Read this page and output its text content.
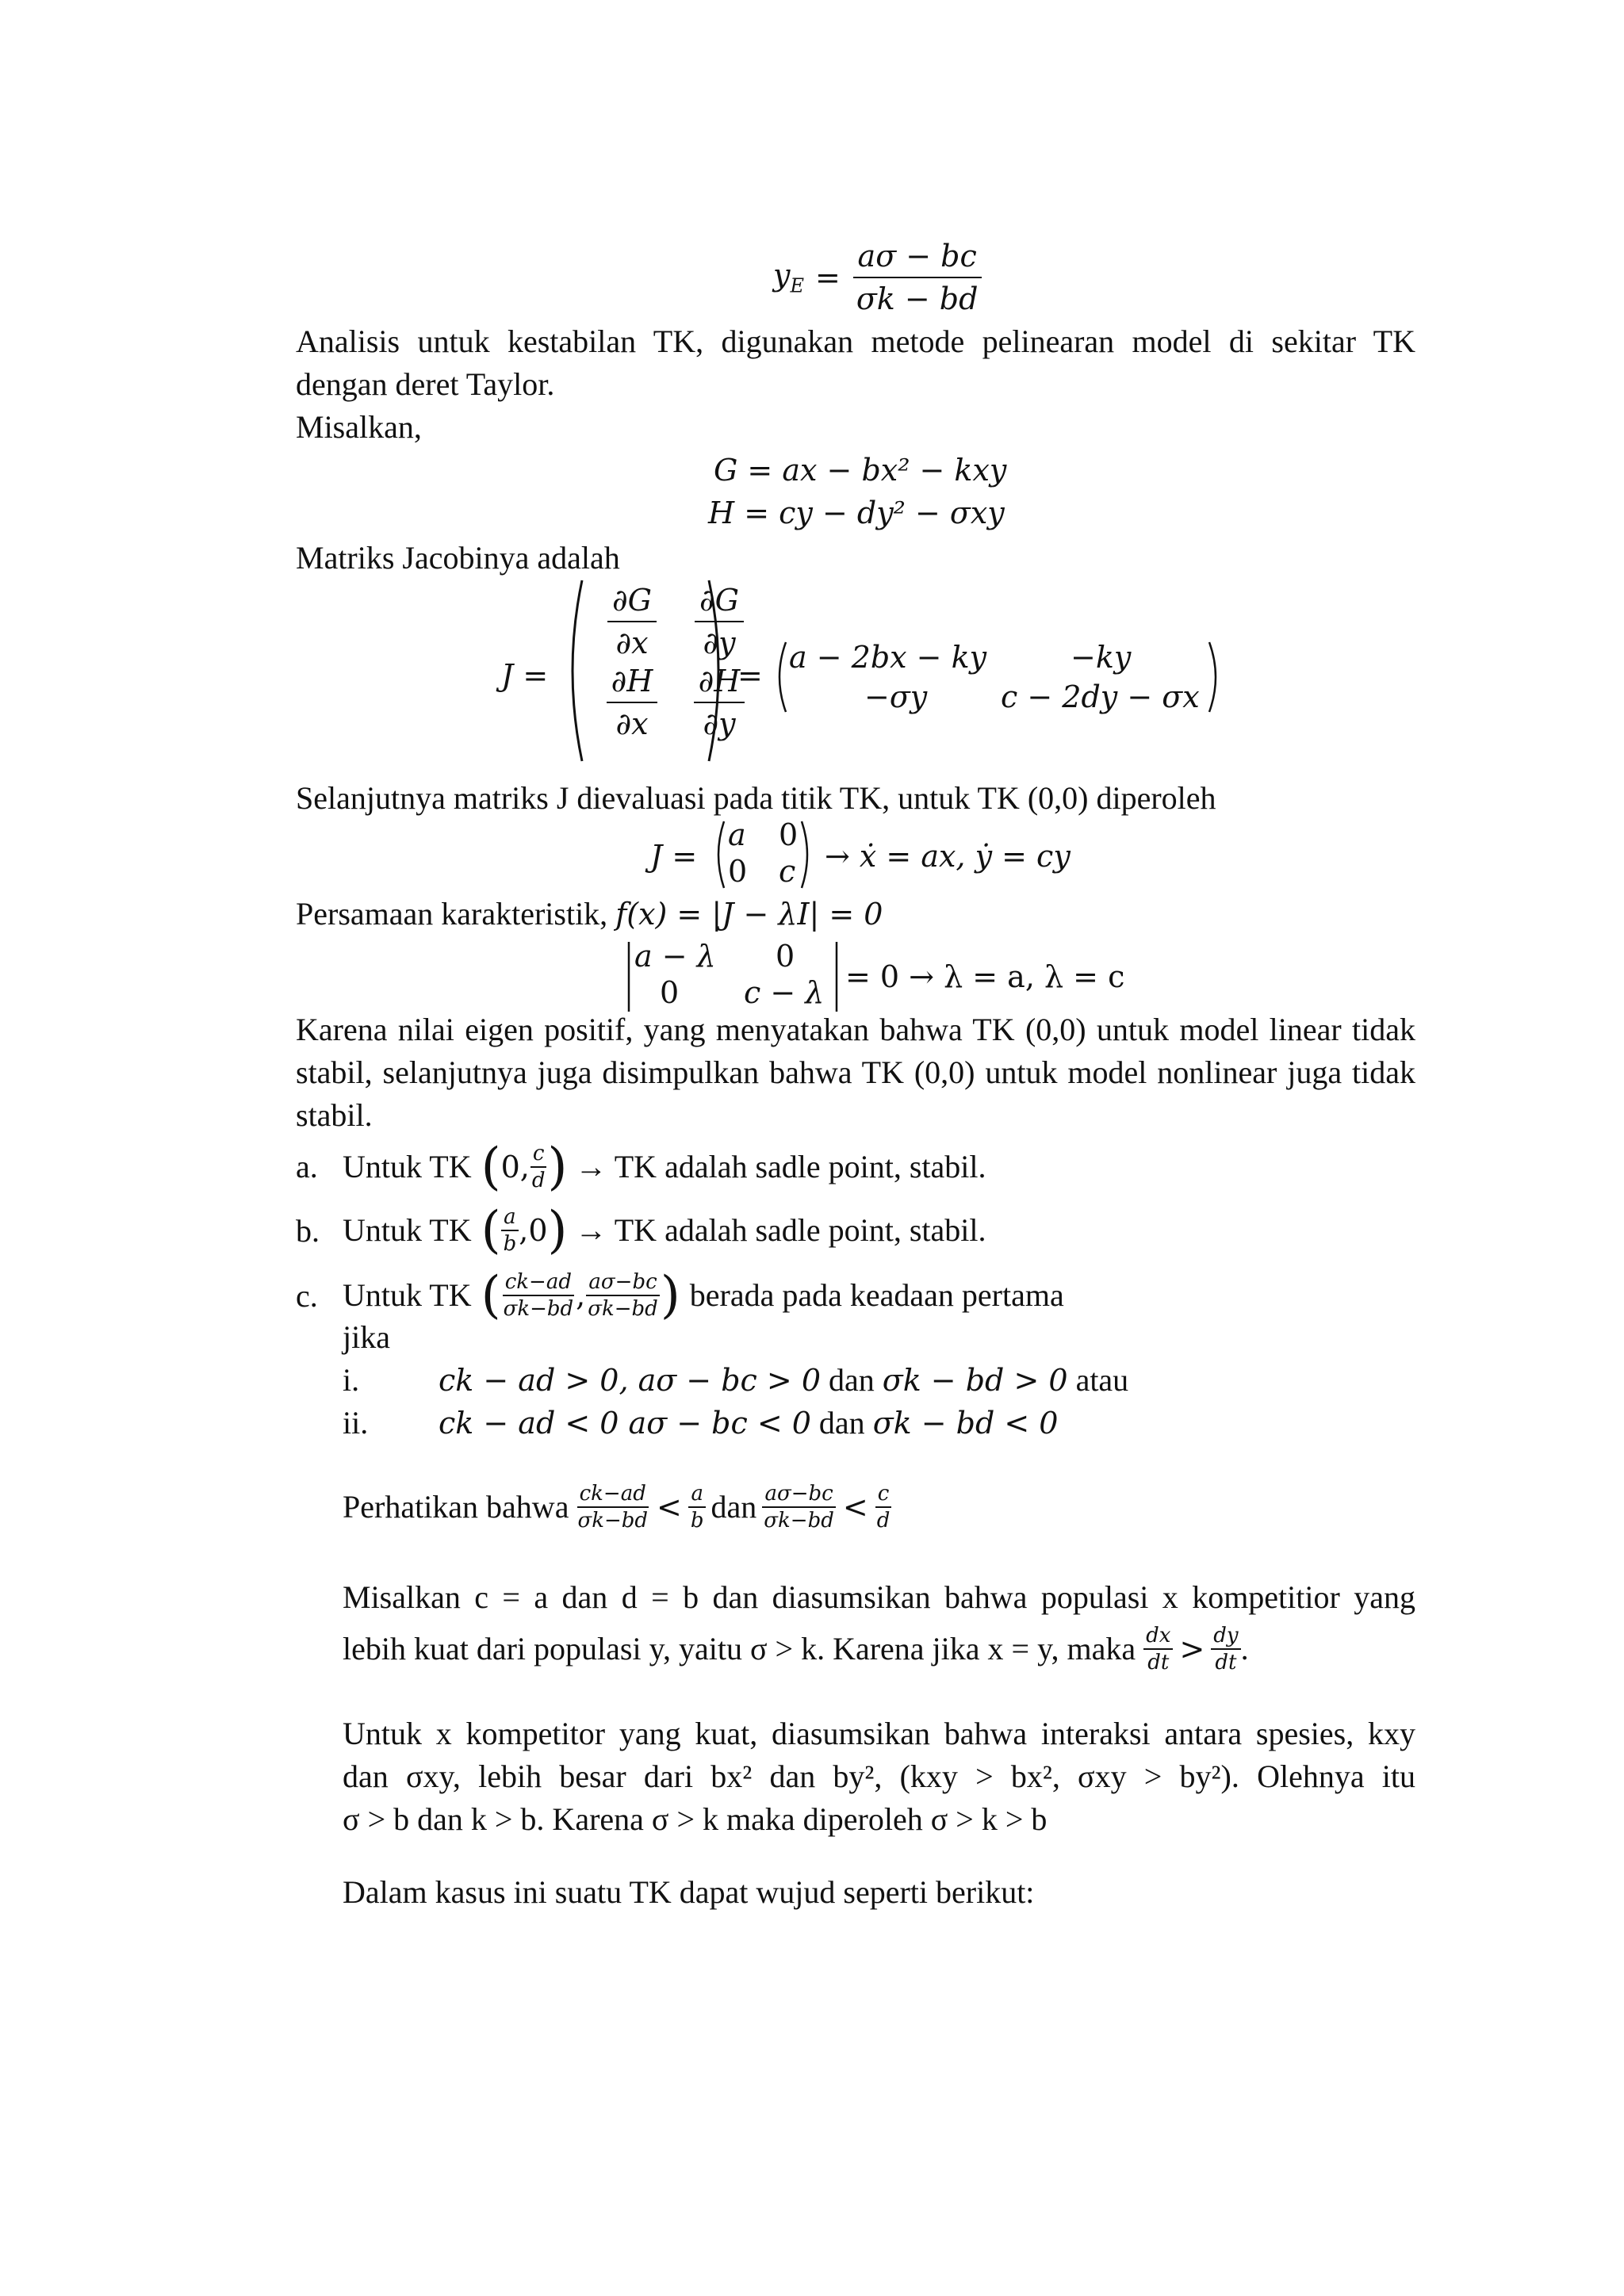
$y_E = \frac{a\sigma - bc}{\sigma k - bd}$
Analisis untuk kestabilan TK, digunakan metode pelinearan model di sekitar TK
dengan deret Taylor.
Misalkan,
G = ax − bx² − kxy
H = cy − dy² − σxy
Matriks Jacobinya adalah
J =
$\frac{\partial G}{\partial x} \frac{\partial G}{\partial y}$
$\frac{\partial H}{\partial x} \frac{\partial H}{\partial y}$
=
a − 2bx − ky	−ky
−σy c − 2dy − σx
Selanjutnya matriks J dievaluasi pada titik TK, untuk TK (0,0) diperoleh
J =
a 0
0 c → ẋ = ax, ẏ = cy
Persamaan karakteristik, f(x) = |J − λI| = 0
a − λ 0
0 c − λ = 0 → λ = a, λ = c
Karena nilai eigen positif, yang menyatakan bahwa TK (0,0) untuk model linear tidak
stabil, selanjutnya juga disimpulkan bahwa TK (0,0) untuk model nonlinear juga tidak
stabil.
a. Untuk TK ( 0, $\frac{c}{d}$ ) → TK adalah sadle point, stabil.
b. Untuk TK ( $\frac{a}{b} ,0$ ) → TK adalah sadle point, stabil.
c. Untuk TK ( $\frac{ck-ad}{\sigma k-bd}$ , $\frac{a\sigma-bc}{\sigma k-bd}$ ) berada pada keadaan pertama
jika
i.	ck − ad > 0, aσ − bc > 0 dan σk − bd > 0 atau
ii. ck − ad < 0 aσ − bc < 0 dan σk − bd < 0
Perhatikan bahwa $\frac{ck-ad}{\sigma k-bd} < \frac{a}{b}$ dan $\frac{a\sigma-bc}{\sigma k-bd} < \frac{c}{d}$
Misalkan c = a dan d = b dan diasumsikan bahwa populasi x kompetitior yang
lebih kuat dari populasi y, yaitu σ > k. Karena jika x = y, maka $\frac{dx}{dt} > \frac{dy}{dt}$ .
Untuk x kompetitor yang kuat, diasumsikan bahwa interaksi antara spesies, kxy
dan σxy, lebih besar dari bx² dan by², (kxy > bx², σxy > by²). Olehnya itu
σ > b dan k > b. Karena σ > k maka diperoleh σ > k > b
Dalam kasus ini suatu TK dapat wujud seperti berikut:
